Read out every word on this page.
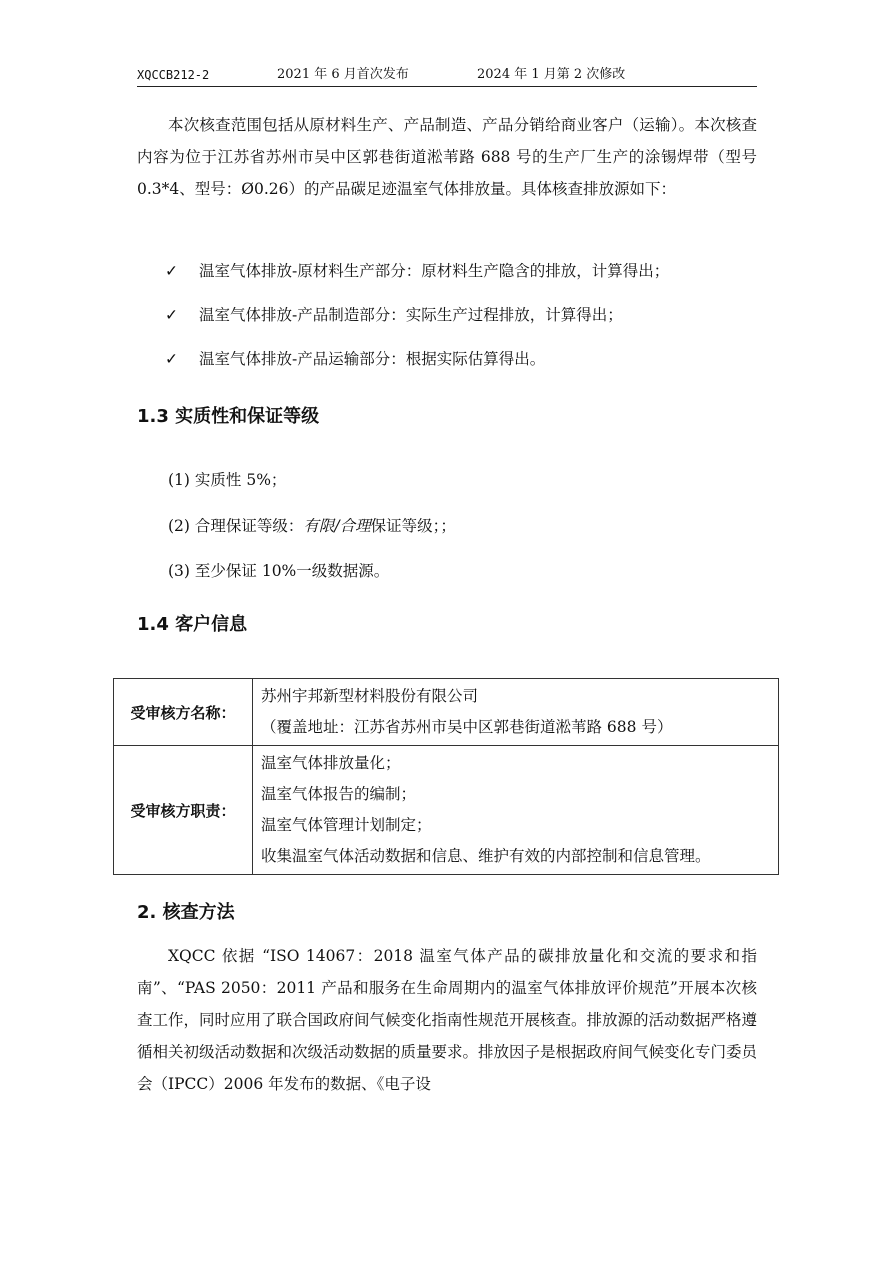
XQCCB212-2	2021 年 6 月首次发布	2024 年 1 月第 2 次修改

本次核查范围包括从原材料生产、产品制造、产品分销给商业客户（运输）。本次核查内容为位于江苏省苏州市吴中区郭巷街道淞苇路 688 号的生产厂生产的涂锡焊带（型号 0.3*4、型号：Ø0.26）的产品碳足迹温室气体排放量。具体核查排放源如下：

✓ 温室气体排放-原材料生产部分：原材料生产隐含的排放，计算得出；
✓ 温室气体排放-产品制造部分：实际生产过程排放，计算得出；
✓ 温室气体排放-产品运输部分：根据实际估算得出。
1.3 实质性和保证等级
(1) 实质性 5%；
(2) 合理保证等级：有限/合理保证等级；；
(3) 至少保证 10%一级数据源。
1.4 客户信息
受审核方名称：	苏州宇邦新型材料股份有限公司
（覆盖地址：江苏省苏州市吴中区郭巷街道淞苇路 688 号）

受审核方职责：	温室气体排放量化；
温室气体报告的编制；
温室气体管理计划制定；
收集温室气体活动数据和信息、维护有效的内部控制和信息管理。
2. 核查方法

XQCC 依据 “ISO 14067：2018 温室气体产品的碳排放量化和交流的要求和指南”、“PAS 2050：2011 产品和服务在生命周期内的温室气体排放评价规范”开展本次核查工作，同时应用了联合国政府间气候变化指南性规范开展核查。排放源的活动数据严格遵循相关初级活动数据和次级活动数据的质量要求。排放因子是根据政府间气候变化专门委员会（IPCC）2006 年发布的数据、《电子设
